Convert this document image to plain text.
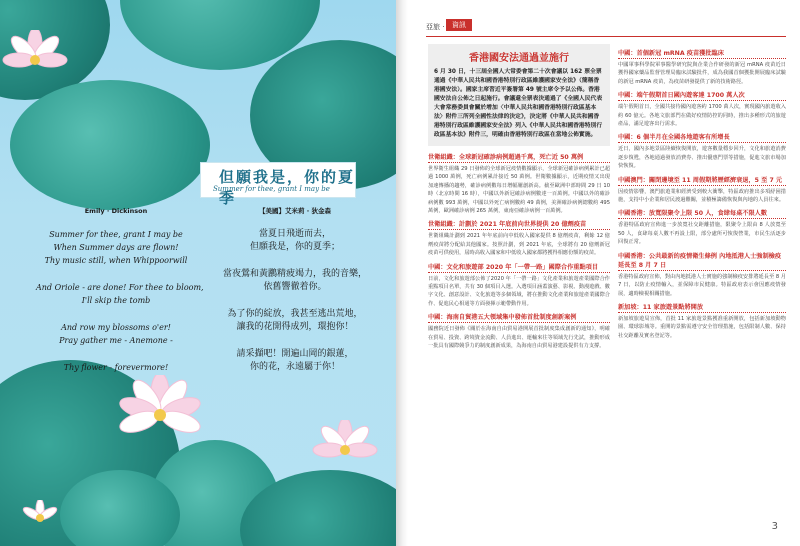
但願我是，你的夏季
Summer for thee, grant I may be
Emily · Dickinson

Summer for thee, grant I may be

When Summer days are flown!

Thy music still, when Whippoorwill

And Oriole - are done! For thee to bloom,

I'll skip the tomb

And row my blossoms o'er!

Pray gather me - Anemone -

Thy flower - forevermore!

【美國】艾米莉 · 狄金森

當夏日飛逝而去，

但願我是，你的夏季；

當夜鶯和黃鸝精疲竭力，我的音樂，

依舊響徹着你。

為了你的綻放，我甚至逃出荒地，

讓我的花開得成列，環抱你！

請采擷吧！開遍山岡的銀蓮，

你的花，永遠屬于你！

亞旅 ·	資訊
香港國安法通過並施行
6 月 30 日，十三屆全國人大常委會第二十次會議以 162 票全票通過《中華人民共和國香港特別行政區維護國家安全法》（簡稱香港國安法）。國家主席習近平簽署第 49 號主席令予以公佈。香港國安法自公佈之日起施行。會議還全票表決通過了《全國人民代表大會常務委員會關於增加〈中華人民共和國香港特別行政區基本法〉附件三所列全國性法律的決定》，決定將《中華人民共和國香港特別行政區維護國家安全法》列入《中華人民共和國香港特別行政區基本法》附件三，明確由香港特別行政區在當地公佈實施。
世衛組織：全球新冠確診病例超過千萬，死亡近 50 萬例
世界衛生組織 29 日發佈的全球新冠疫情數據顯示，全球新冠確診病例累計已超過 1000 萬例，死亡病例累計接近 50 萬例。世衛數據顯示，近期疫情又出現加速傳播的趨勢，確診病例數每日增幅屢創新高。截至歐洲中部時間 29 日 10 時（北京時間 16 時），中國以外新冠確診病例數達一百萬例。中國以外的確診病例數 993 萬例，中國以外死亡病例數約 49 萬例，美洲確診病例總數約 495 萬例，歐洲確診病例 265 萬例，東南亞確診病例一百萬例。
世衛組織：計劃於 2021 年底前向世界提供 20 億劑疫苗
世衛組織計劃到 2021 年年底前向中低收入國家提供 8 億劑疫苗，剩餘 12 億劑疫苗將分配給其他國家。按照計劃，到 2021 年底，全球將有 20 億劑新冠疫苗可供使用，屆時高收入國家和中低收入國家都將獲得相應份額的疫苗。
中國：文化和旅遊部 2020 年「一帶一路」國際合作重點項目
日前，文化和旅遊部公佈了2020 年「一帶一路」文化產業和旅遊產業國際合作重點項目名單，共有 30 個項目入選。入選項目涵蓋演藝、影視、動漫遊戲、數字文化、創意設計、文化旅遊等多個領域，將在推動文化產業和旅遊產業國際合作、促進民心相通等方面發揮示範帶動作用。
中國：海南自貿港五大領域集中發佈首批制度創新案例
國務院近日發佈《關於在海南自由貿易港開展首批制度集成創新的通知》，明確在貿易、投資、跨境資金流動、人員進出、運輸來往等領域先行先試，推動形成一批具有國際競爭力的制度創新成果，為海南自由貿易港建設提供有力支撐。
中國：首個新冠 mRNA 疫苗獲批臨床
中國軍事科學院軍事醫學研究院與企業合作研發的新冠 mRNA 疫苗近日獲得國家藥品監督管理局臨床試驗批件，成為我國首個獲批開展臨床試驗的新冠 mRNA 疫苗，為疫苗研發提供了新的技術路徑。
中國：端午假期首日國內遊客達 1700 萬人次
端午假期首日，全國共接待國內遊客約 1700 萬人次，實現國內旅遊收入約 60 億元。各地文旅部門在做好疫情防控的同時，推出多種形式的旅遊產品，滿足遊客出行需求。
中國：6 個半月在全國各地遊客有所增長
近日，國內多地景區陸續恢復開放，遊客數量穩步回升，文化和旅遊消費逐步復甦，各地通過發放消費券、推出優惠門票等措施，促進文旅市場加快恢復。
中國澳門：關閉邊境至 11 周假期將歷經濟衰退，5 至 7 元
因疫情影響，澳門旅遊業和經濟受到較大衝擊，特區政府推出多項紓困措施，支持中小企業和居民渡過難關，並積極籌備恢復與內地的人員往來。
中國香港：放寬限聚令上限 50 人，食肆每桌不限人數
香港特區政府宣佈進一步放寬社交距離措施，限聚令上限由 8 人放寬至 50 人，食肆每桌人數不再設上限，部分處所可恢復營業，市民生活逐步回復正常。
中國香港：公共最新的疫情衛生條例 內地抵港人士強制檢疫延長至 8 月 7 日
香港特區政府宣佈，對由內地抵港人士實施的強制檢疫安排將延長至 8 月 7 日，以防止疫情輸入，並保障市民健康。特區政府表示會因應疫情發展，適時檢視相關措施。
新加坡：11 家旅遊景點將開放
新加坡旅遊局宣佈，首批 11 家旅遊景點獲准重新開放，包括新加坡動物園、環球影城等。重開的景點需遵守安全管理措施，包括限制人數、保持社交距離及實名登記等。
3
